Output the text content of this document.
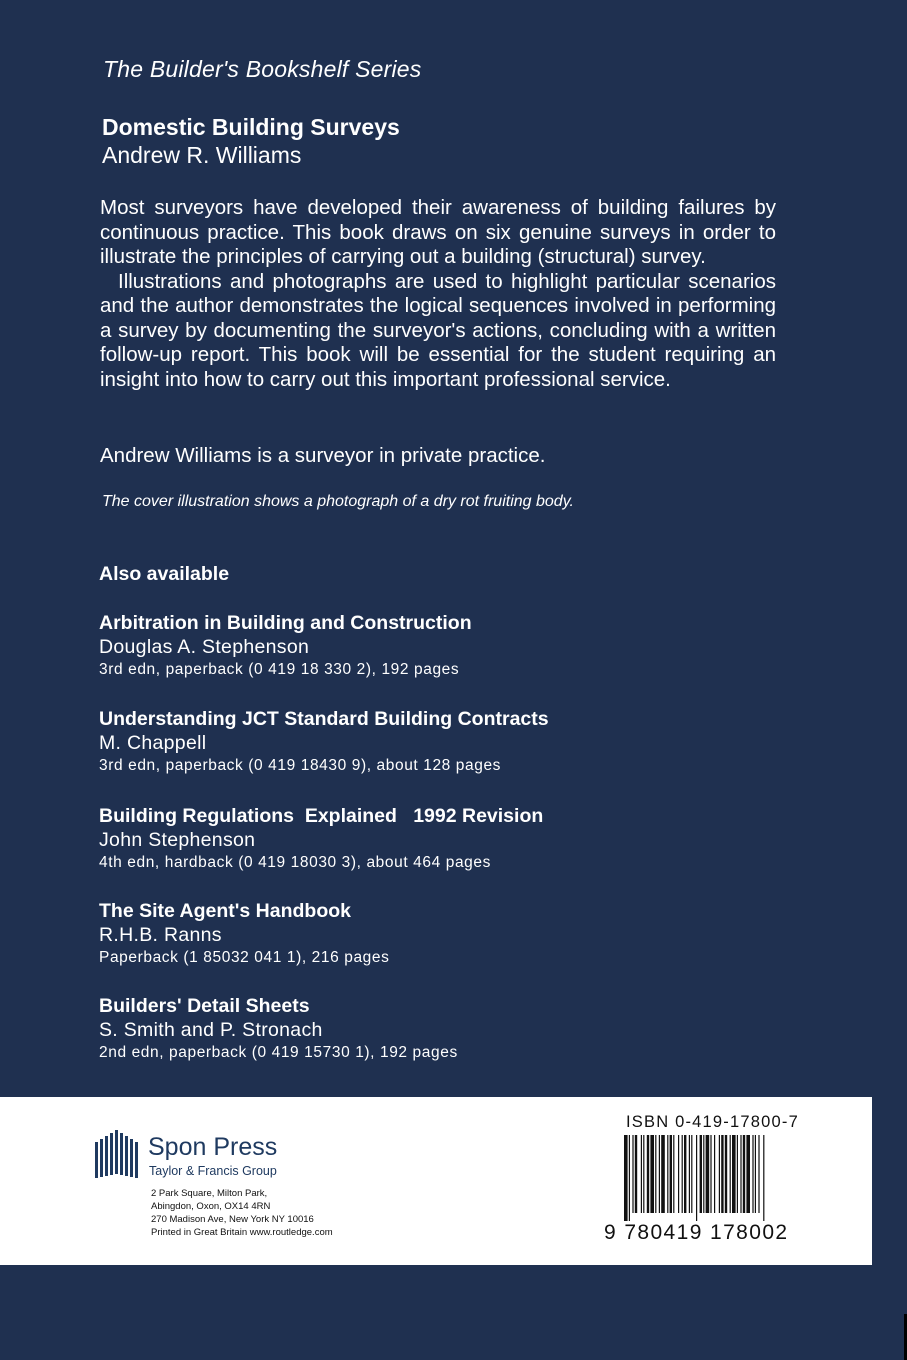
The Builder's Bookshelf Series
Domestic Building Surveys
Andrew R. Williams

Most surveyors have developed their awareness of building failures by continuous practice. This book draws on six genuine surveys in order to illustrate the principles of carrying out a building (structural) survey.

Illustrations and photographs are used to highlight particular scenarios and the author demonstrates the logical sequences involved in performing a survey by documenting the surveyor's actions, concluding with a written follow-up report. This book will be essential for the student requiring an insight into how to carry out this important professional service.

Andrew Williams is a surveyor in private practice.
The cover illustration shows a photograph of a dry rot fruiting body.
Also available
Arbitration in Building and Construction
Douglas A. Stephenson
3rd edn, paperback (0 419 18 330 2), 192 pages
Understanding JCT Standard Building Contracts
M. Chappell
3rd edn, paperback (0 419 18430 9), about 128 pages
Building Regulations  Explained   1992 Revision
John Stephenson
4th edn, hardback (0 419 18030 3), about 464 pages
The Site Agent's Handbook
R.H.B. Ranns
Paperback (1 85032 041 1), 216 pages
Builders' Detail Sheets
S. Smith and P. Stronach
2nd edn, paperback (0 419 15730 1), 192 pages
Spon Press
Taylor & Francis Group
2 Park Square, Milton Park,
Abingdon, Oxon, OX14 4RN
270 Madison Ave, New York NY 10016
Printed in Great Britain www.routledge.com
ISBN 0-419-17800-7
9 780419 178002
